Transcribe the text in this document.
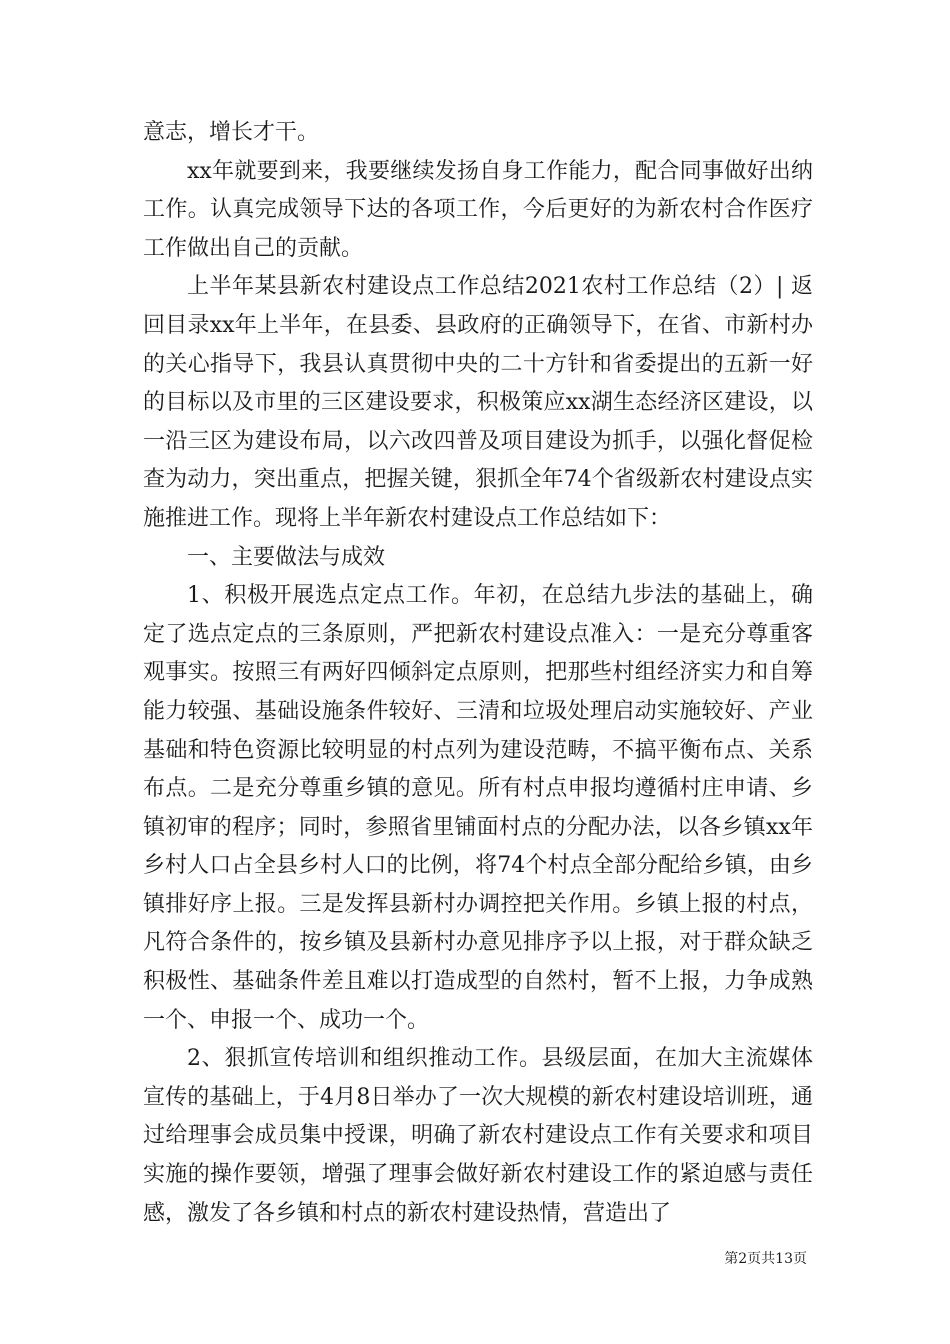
意志，增长才干。

xx年就要到来，我要继续发扬自身工作能力，配合同事做好出纳工作。认真完成领导下达的各项工作，今后更好的为新农村合作医疗工作做出自己的贡献。

上半年某县新农村建设点工作总结2021农村工作总结（2）| 返回目录xx年上半年，在县委、县政府的正确领导下，在省、市新村办的关心指导下，我县认真贯彻中央的二十方针和省委提出的五新一好的目标以及市里的三区建设要求，积极策应xx湖生态经济区建设，以一沿三区为建设布局，以六改四普及项目建设为抓手，以强化督促检查为动力，突出重点，把握关键，狠抓全年74个省级新农村建设点实施推进工作。现将上半年新农村建设点工作总结如下：

一、主要做法与成效

1、积极开展选点定点工作。年初，在总结九步法的基础上，确定了选点定点的三条原则，严把新农村建设点准入：一是充分尊重客观事实。按照三有两好四倾斜定点原则，把那些村组经济实力和自筹能力较强、基础设施条件较好、三清和垃圾处理启动实施较好、产业基础和特色资源比较明显的村点列为建设范畴，不搞平衡布点、关系布点。二是充分尊重乡镇的意见。所有村点申报均遵循村庄申请、乡镇初审的程序；同时，参照省里铺面村点的分配办法，以各乡镇xx年乡村人口占全县乡村人口的比例，将74个村点全部分配给乡镇，由乡镇排好序上报。三是发挥县新村办调控把关作用。乡镇上报的村点，凡符合条件的，按乡镇及县新村办意见排序予以上报，对于群众缺乏积极性、基础条件差且难以打造成型的自然村，暂不上报，力争成熟一个、申报一个、成功一个。

2、狠抓宣传培训和组织推动工作。县级层面，在加大主流媒体宣传的基础上，于4月8日举办了一次大规模的新农村建设培训班，通过给理事会成员集中授课，明确了新农村建设点工作有关要求和项目实施的操作要领，增强了理事会做好新农村建设工作的紧迫感与责任感，激发了各乡镇和村点的新农村建设热情，营造出了

第2页共13页
